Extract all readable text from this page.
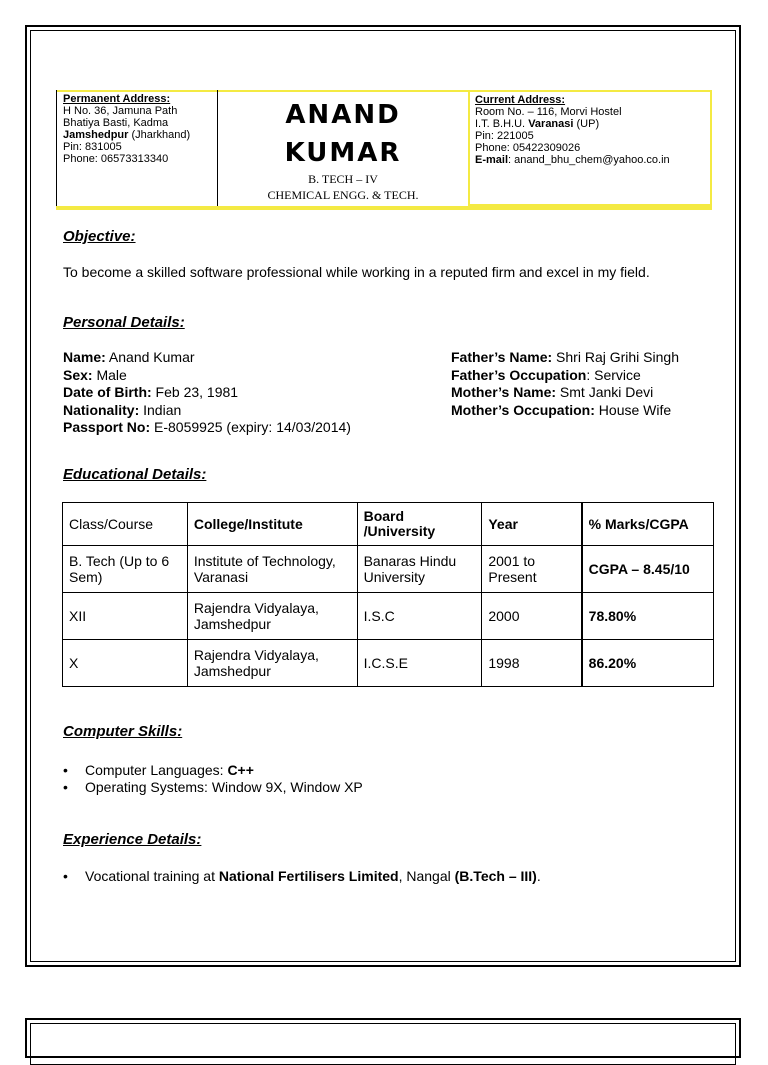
Permanent Address:
H No. 36, Jamuna Path
Bhatiya Basti, Kadma
Jamshedpur (Jharkhand)
Pin: 831005
Phone: 06573313340
ANAND
KUMAR
B. TECH – IV
CHEMICAL ENGG. & TECH.
Current Address:
Room No. – 116, Morvi Hostel
I.T. B.H.U. Varanasi (UP)
Pin: 221005
Phone: 05422309026
E-mail: anand_bhu_chem@yahoo.co.in
Objective:
To become a skilled software professional while working in a reputed firm and excel in my field.
Personal Details:
Name: Anand Kumar
Sex: Male
Date of Birth: Feb 23, 1981
Nationality: Indian
Passport No: E-8059925 (expiry: 14/03/2014)
Father’s Name: Shri Raj Grihi Singh
Father’s Occupation: Service
Mother’s Name: Smt Janki Devi
Mother’s Occupation: House Wife
Educational Details:
Class/Course	College/Institute	Board /University	Year	% Marks/CGPA
B. Tech (Up to 6 Sem)	Institute of Technology, Varanasi	Banaras Hindu University	2001 to Present	CGPA – 8.45/10
XII	Rajendra Vidyalaya, Jamshedpur	I.S.C	2000	78.80%
X	Rajendra Vidyalaya, Jamshedpur	I.C.S.E	1998	86.20%
Computer Skills:
• Computer Languages: C++
• Operating Systems: Window 9X, Window XP
Experience Details:
• Vocational training at National Fertilisers Limited, Nangal (B.Tech – III).
